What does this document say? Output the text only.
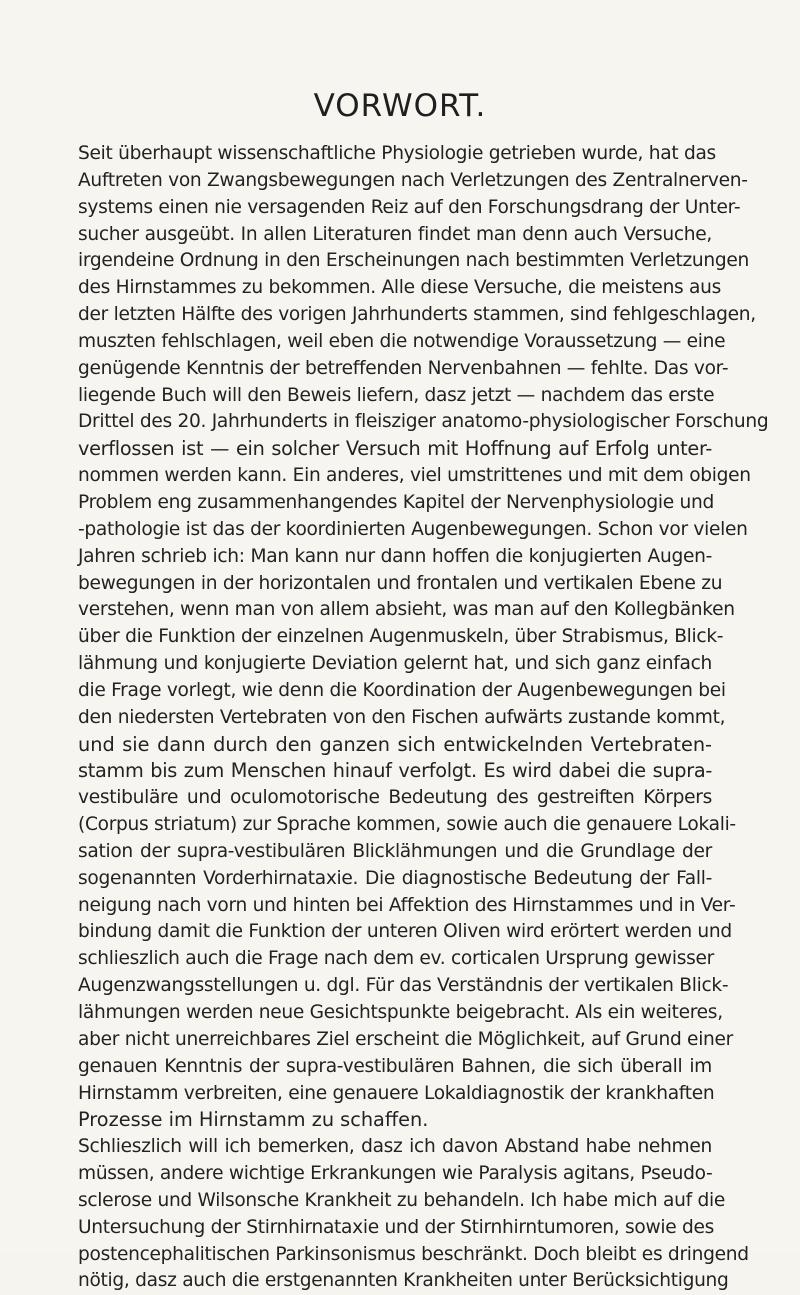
VORWORT.
Seit überhaupt wissenschaftliche Physiologie getrieben wurde, hat das
Auftreten von Zwangsbewegungen nach Verletzungen des Zentralnerven-
systems einen nie versagenden Reiz auf den Forschungsdrang der Unter-
sucher ausgeübt. In allen Literaturen findet man denn auch Versuche,
irgendeine Ordnung in den Erscheinungen nach bestimmten Verletzungen
des Hirnstammes zu bekommen. Alle diese Versuche, die meistens aus
der letzten Hälfte des vorigen Jahrhunderts stammen, sind fehlgeschlagen,
muszten fehlschlagen, weil eben die notwendige Voraussetzung — eine
genügende Kenntnis der betreffenden Nervenbahnen — fehlte. Das vor-
liegende Buch will den Beweis liefern, dasz jetzt — nachdem das erste
Drittel des 20. Jahrhunderts in fleisziger anatomo-physiologischer Forschung
verflossen ist — ein solcher Versuch mit Hoffnung auf Erfolg unter-
nommen werden kann. Ein anderes, viel umstrittenes und mit dem obigen
Problem eng zusammenhangendes Kapitel der Nervenphysiologie und
-pathologie ist das der koordinierten Augenbewegungen. Schon vor vielen
Jahren schrieb ich: Man kann nur dann hoffen die konjugierten Augen-
bewegungen in der horizontalen und frontalen und vertikalen Ebene zu
verstehen, wenn man von allem absieht, was man auf den Kollegbänken
über die Funktion der einzelnen Augenmuskeln, über Strabismus, Blick-
lähmung und konjugierte Deviation gelernt hat, und sich ganz einfach
die Frage vorlegt, wie denn die Koordination der Augenbewegungen bei
den niedersten Vertebraten von den Fischen aufwärts zustande kommt,
und sie dann durch den ganzen sich entwickelnden Vertebraten-
stamm bis zum Menschen hinauf verfolgt. Es wird dabei die supra-
vestibuläre und oculomotorische Bedeutung des gestreiften Körpers
(Corpus striatum) zur Sprache kommen, sowie auch die genauere Lokali-
sation der supra-vestibulären Blicklähmungen und die Grundlage der
sogenannten Vorderhirnataxie. Die diagnostische Bedeutung der Fall-
neigung nach vorn und hinten bei Affektion des Hirnstammes und in Ver-
bindung damit die Funktion der unteren Oliven wird erörtert werden und
schlieszlich auch die Frage nach dem ev. corticalen Ursprung gewisser
Augenzwangsstellungen u. dgl. Für das Verständnis der vertikalen Blick-
lähmungen werden neue Gesichtspunkte beigebracht. Als ein weiteres,
aber nicht unerreichbares Ziel erscheint die Möglichkeit, auf Grund einer
genauen Kenntnis der supra-vestibulären Bahnen, die sich überall im
Hirnstamm verbreiten, eine genauere Lokaldiagnostik der krankhaften
Prozesse im Hirnstamm zu schaffen.
Schlieszlich will ich bemerken, dasz ich davon Abstand habe nehmen
müssen, andere wichtige Erkrankungen wie Paralysis agitans, Pseudo-
sclerose und Wilsonsche Krankheit zu behandeln. Ich habe mich auf die
Untersuchung der Stirnhirnataxie und der Stirnhirntumoren, sowie des
postencephalitischen Parkinsonismus beschränkt. Doch bleibt es dringend
nötig, dasz auch die erstgenannten Krankheiten unter Berücksichtigung
